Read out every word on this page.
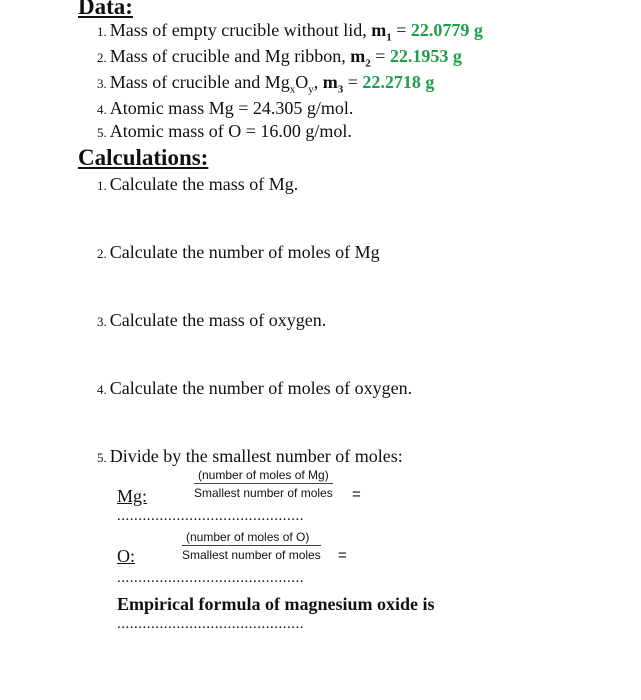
Data:
1. Mass of empty crucible without lid, $m_1 = 22.0779$ g
2. Mass of crucible and Mg ribbon, $m_2 = 22.1953$ g
3. Mass of crucible and $Mg_xO_y$, $m_3 = 22.2718$ g
4. Atomic mass Mg = 24.305 g/mol.
5. Atomic mass of O = 16.00 g/mol.
Calculations:
1. Calculate the mass of Mg.
2. Calculate the number of moles of Mg
3. Calculate the mass of oxygen.
4. Calculate the number of moles of oxygen.
5. Divide by the smallest number of moles:
Mg:
(number of moles of Mg)
Smallest number of moles =
............................................
O:
(number of moles of O)
Smallest number of moles =
............................................
Empirical formula of magnesium oxide is
............................................
